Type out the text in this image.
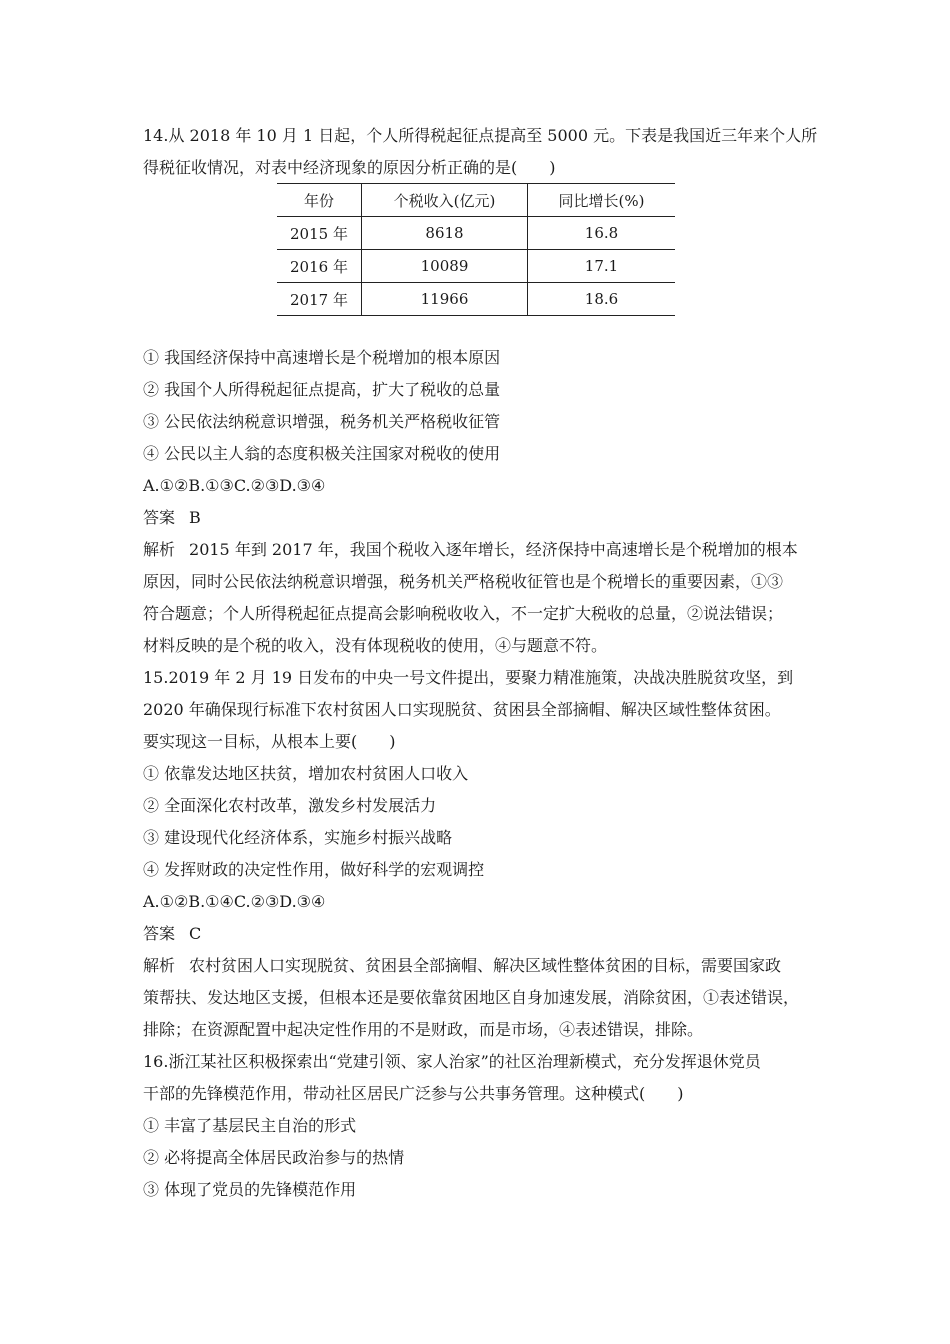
14.从 2018 年 10 月 1 日起，个人所得税起征点提高至 5000 元。下表是我国近三年来个人所
得税征收情况，对表中经济现象的原因分析正确的是(　　)
年份	个税收入(亿元)	同比增长(%)
2015 年	8618	16.8
2016 年	10089	17.1
2017 年	11966	18.6
① 我国经济保持中高速增长是个税增加的根本原因
② 我国个人所得税起征点提高，扩大了税收的总量
③ 公民依法纳税意识增强，税务机关严格税收征管
④ 公民以主人翁的态度积极关注国家对税收的使用
A.①②B.①③C.②③D.③④
答案 B
解析 2015 年到 2017 年，我国个税收入逐年增长，经济保持中高速增长是个税增加的根本
原因，同时公民依法纳税意识增强，税务机关严格税收征管也是个税增长的重要因素，①③
符合题意；个人所得税起征点提高会影响税收收入，不一定扩大税收的总量，②说法错误；
材料反映的是个税的收入，没有体现税收的使用，④与题意不符。
15.2019 年 2 月 19 日发布的中央一号文件提出，要聚力精准施策，决战决胜脱贫攻坚，到
2020 年确保现行标准下农村贫困人口实现脱贫、贫困县全部摘帽、解决区域性整体贫困。
要实现这一目标，从根本上要(　　)
① 依靠发达地区扶贫，增加农村贫困人口收入
② 全面深化农村改革，激发乡村发展活力
③ 建设现代化经济体系，实施乡村振兴战略
④ 发挥财政的决定性作用，做好科学的宏观调控
A.①②B.①④C.②③D.③④
答案 C
解析 农村贫困人口实现脱贫、贫困县全部摘帽、解决区域性整体贫困的目标，需要国家政
策帮扶、发达地区支援，但根本还是要依靠贫困地区自身加速发展，消除贫困，①表述错误，
排除；在资源配置中起决定性作用的不是财政，而是市场，④表述错误，排除。
16.浙江某社区积极探索出“党建引领、家人治家”的社区治理新模式，充分发挥退休党员
干部的先锋模范作用，带动社区居民广泛参与公共事务管理。这种模式(　　)
① 丰富了基层民主自治的形式
② 必将提高全体居民政治参与的热情
③ 体现了党员的先锋模范作用
